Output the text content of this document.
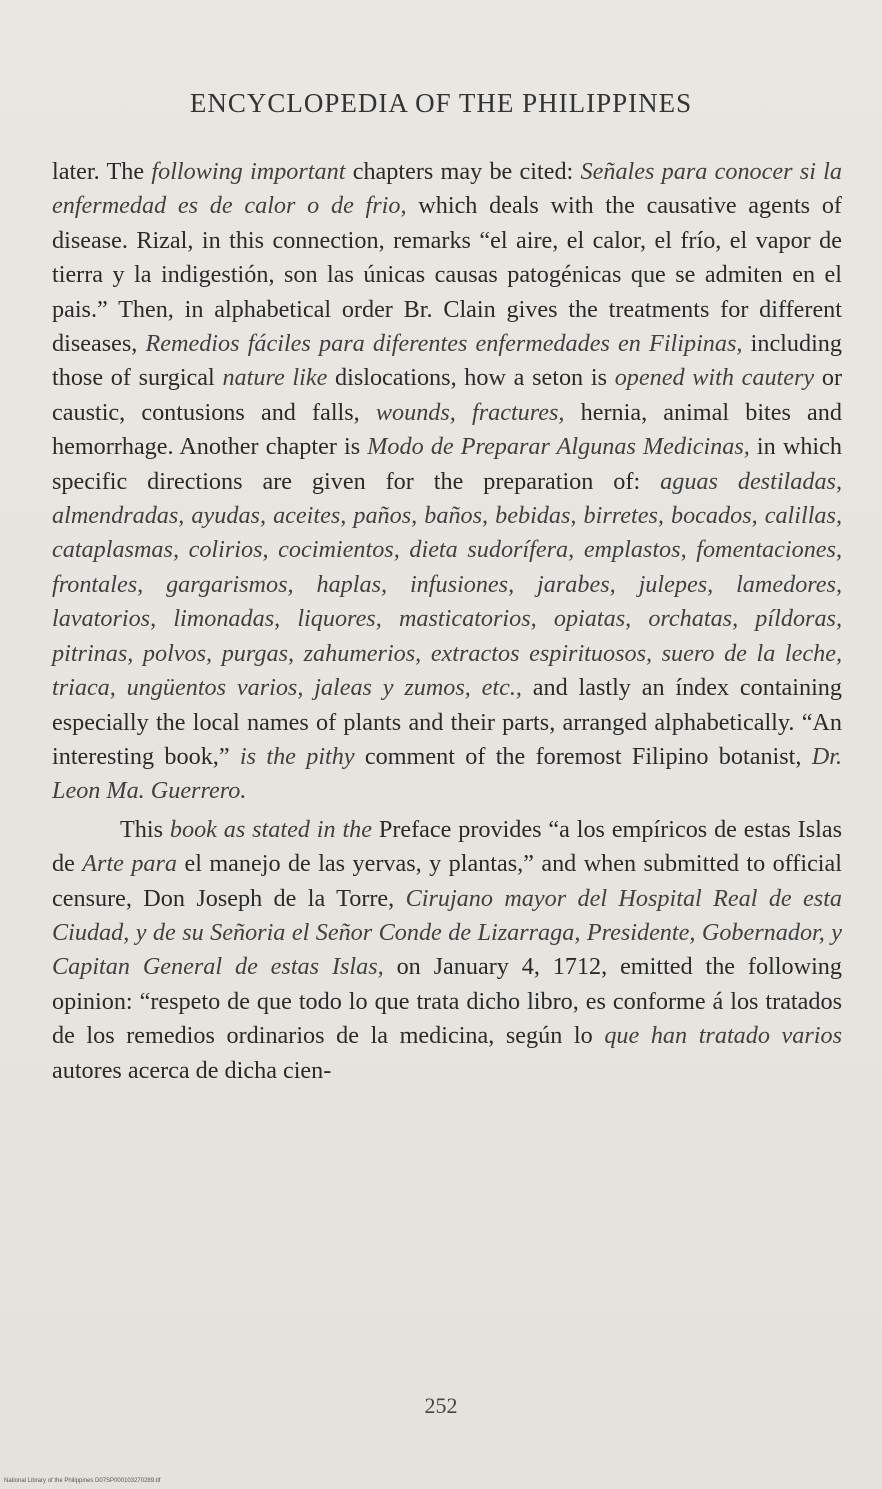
ENCYCLOPEDIA OF THE PHILIPPINES

later. The following important chapters may be cited: Señales para conocer si la enfermedad es de calor o de frio, which deals with the causative agents of disease. Rizal, in this connection, remarks “el aire, el calor, el frío, el vapor de tierra y la indigestión, son las únicas causas patogénicas que se admiten en el pais.” Then, in alphabetical order Br. Clain gives the treatments for different diseases, Remedios fáciles para diferentes enfermedades en Filipinas, including those of surgical nature like dislocations, how a seton is opened with cautery or caustic, contusions and falls, wounds, fractures, hernia, animal bites and hemorrhage. Another chapter is Modo de Preparar Algunas Medicinas, in which specific directions are given for the preparation of: aguas destiladas, almendradas, ayudas, aceites, paños, baños, bebidas, birretes, bocados, calillas, cataplasmas, colirios, cocimientos, dieta sudorífera, emplastos, fomentaciones, frontales, gargarismos, haplas, infusiones, jarabes, julepes, lamedores, lavatorios, limonadas, liquores, masticatorios, opiatas, orchatas, píldoras, pitrinas, polvos, purgas, zahumerios, extractos espirituosos, suero de la leche, triaca, ungüentos varios, jaleas y zumos, etc., and lastly an índex containing especially the local names of plants and their parts, arranged alphabetically. “An interesting book,” is the pithy comment of the foremost Filipino botanist, Dr. Leon Ma. Guerrero.

This book as stated in the Preface provides “a los empíricos de estas Islas de Arte para el manejo de las yervas, y plantas,” and when submitted to official censure, Don Joseph de la Torre, Cirujano mayor del Hospital Real de esta Ciudad, y de su Señoria el Señor Conde de Lizarraga, Presidente, Gobernador, y Capitan General de estas Islas, on January 4, 1712, emitted the following opinion: “respeto de que todo lo que trata dicho libro, es conforme á los tratados de los remedios ordinarios de la medicina, según lo que han tratado varios autores acerca de dicha cien-

252
National Library of the Philippines D07SP000103270289.tif
